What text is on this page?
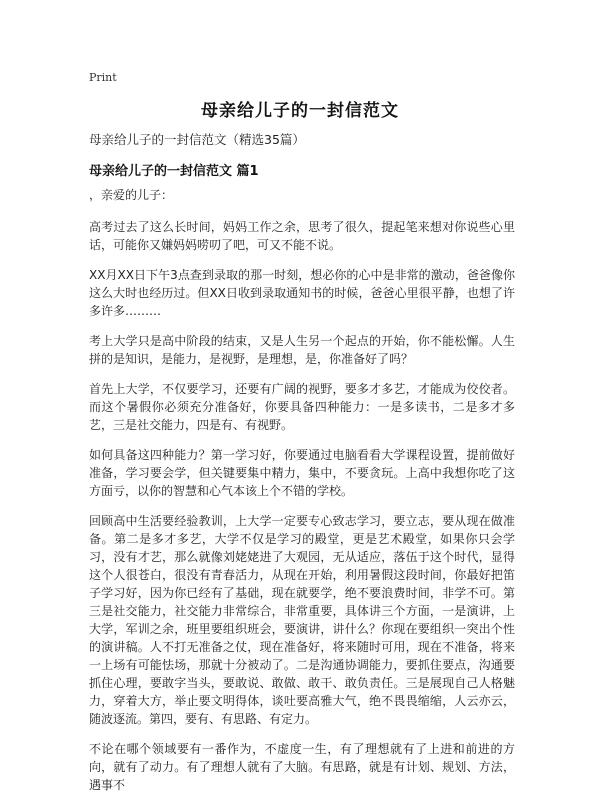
Print
母亲给儿子的一封信范文
母亲给儿子的一封信范文（精选35篇）
母亲给儿子的一封信范文 篇1

，亲爱的儿子：

高考过去了这么长时间，妈妈工作之余，思考了很久，提起笔来想对你说些心里话，可能你又嫌妈妈唠叨了吧，可又不能不说。

XX月XX日下午3点查到录取的那一时刻，想必你的心中是非常的激动，爸爸像你这么大时也经历过。但XX日收到录取通知书的时候，爸爸心里很平静，也想了许多许多………

考上大学只是高中阶段的结束，又是人生另一个起点的开始，你不能松懈。人生拼的是知识，是能力，是视野，是理想，是，你准备好了吗？

首先上大学，不仅要学习，还要有广阔的视野，要多才多艺，才能成为佼佼者。而这个暑假你必须充分准备好，你要具备四种能力：一是多读书，二是多才多艺，三是社交能力，四是有、有视野。

如何具备这四种能力？第一学习好，你要通过电脑看看大学课程设置，提前做好准备，学习要会学，但关键要集中精力，集中，不要贪玩。上高中我想你吃了这方面亏，以你的智慧和心气本该上个不错的学校。

回顾高中生活要经验教训，上大学一定要专心致志学习，要立志，要从现在做准备。第二是多才多艺，大学不仅是学习的殿堂，更是艺术殿堂，如果你只会学习，没有才艺，那么就像刘姥姥进了大观园，无从适应，落伍于这个时代，显得这个人很苍白，很没有青春活力，从现在开始，利用暑假这段时间，你最好把笛子学习好，因为你已经有了基础，现在就要学，绝不要浪费时间，非学不可。第三是社交能力，社交能力非常综合，非常重要，具体讲三个方面，一是演讲，上大学，军训之余，班里要组织班会，要演讲，讲什么？你现在要组织一突出个性的演讲稿。人不打无准备之仗，现在准备好，将来随时可用，现在不准备，将来一上场有可能怯场，那就十分被动了。二是沟通协调能力，要抓住要点，沟通要抓住心理，要敢字当头，要敢说、敢做、敢干、敢负责任。三是展现自己人格魅力，穿着大方，举止要文明得体，谈吐要高雅大气，绝不畏畏缩缩，人云亦云，随波逐流。第四，要有、有思路、有定力。

不论在哪个领域要有一番作为，不虚度一生，有了理想就有了上进和前进的方向，就有了动力。有了理想人就有了大脑。有思路，就是有计划、规划、方法，遇事不
